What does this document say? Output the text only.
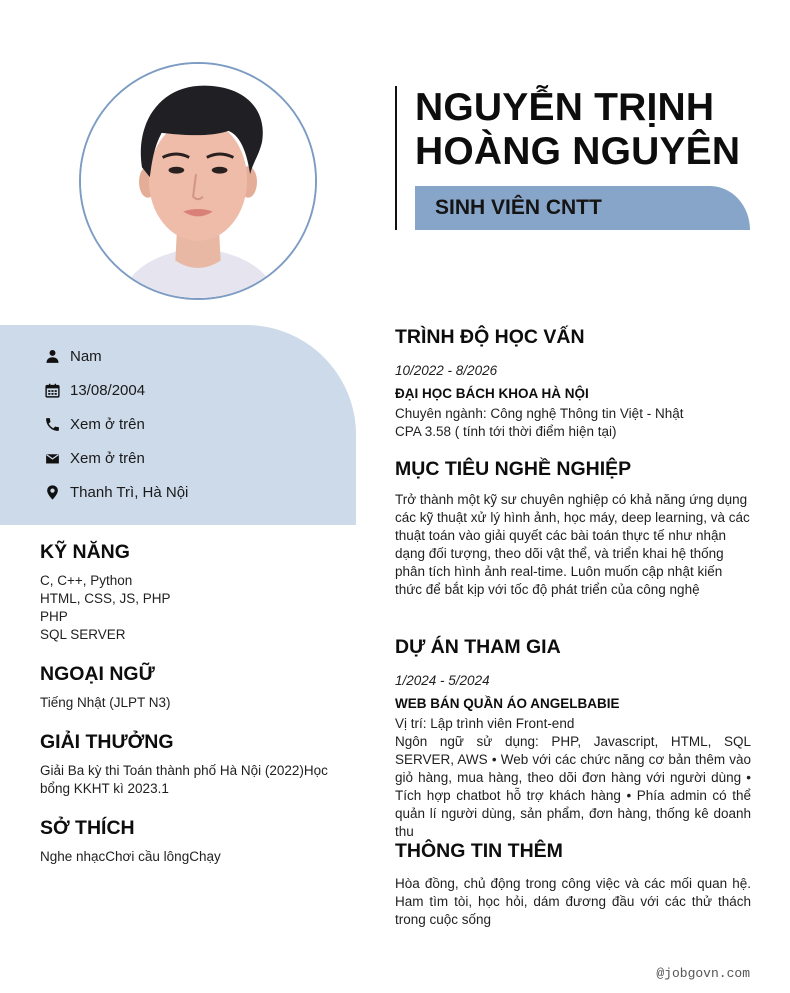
NGUYỄN TRỊNH
HOÀNG NGUYÊN
SINH VIÊN CNTT
Nam
13/08/2004
Xem ở trên
Xem ở trên
Thanh Trì, Hà Nội
KỸ NĂNG
C, C++, Python
HTML, CSS, JS, PHP
PHP
SQL SERVER
NGOẠI NGỮ
Tiếng Nhật (JLPT N3)
GIẢI THƯỞNG

Giải Ba kỳ thi Toán thành phố Hà Nội (2022)Học bổng KKHT kì 2023.1

SỞ THÍCH

Nghe nhạcChơi cầu lôngChạy

TRÌNH ĐỘ HỌC VẤN
10/2022 - 8/2026
ĐẠI HỌC BÁCH KHOA HÀ NỘI
Chuyên ngành: Công nghệ Thông tin Việt - Nhật
CPA 3.58 ( tính tới thời điểm hiện tại)
MỤC TIÊU NGHỀ NGHIỆP

Trở thành một kỹ sư chuyên nghiệp có khả năng ứng dụng các kỹ thuật xử lý hình ảnh, học máy, deep learning, và các thuật toán vào giải quyết các bài toán thực tế như nhận dạng đối tượng, theo dõi vật thể, và triển khai hệ thống phân tích hình ảnh real-time. Luôn muốn cập nhật kiến thức để bắt kịp với tốc độ phát triển của công nghệ

DỰ ÁN THAM GIA
1/2024 - 5/2024
WEB BÁN QUẦN ÁO ANGELBABIE
Vị trí: Lập trình viên Front-end

Ngôn ngữ sử dụng: PHP, Javascript, HTML, SQL SERVER, AWS • Web với các chức năng cơ bản thêm vào giỏ hàng, mua hàng, theo dõi đơn hàng với người dùng • Tích hợp chatbot hỗ trợ khách hàng • Phía admin có thể quản lí người dùng, sản phẩm, đơn hàng, thống kê doanh thu

THÔNG TIN THÊM

Hòa đồng, chủ động trong công việc và các mối quan hệ. Ham tìm tòi, học hỏi, dám đương đầu với các thử thách trong cuộc sống

@jobgovn.com
